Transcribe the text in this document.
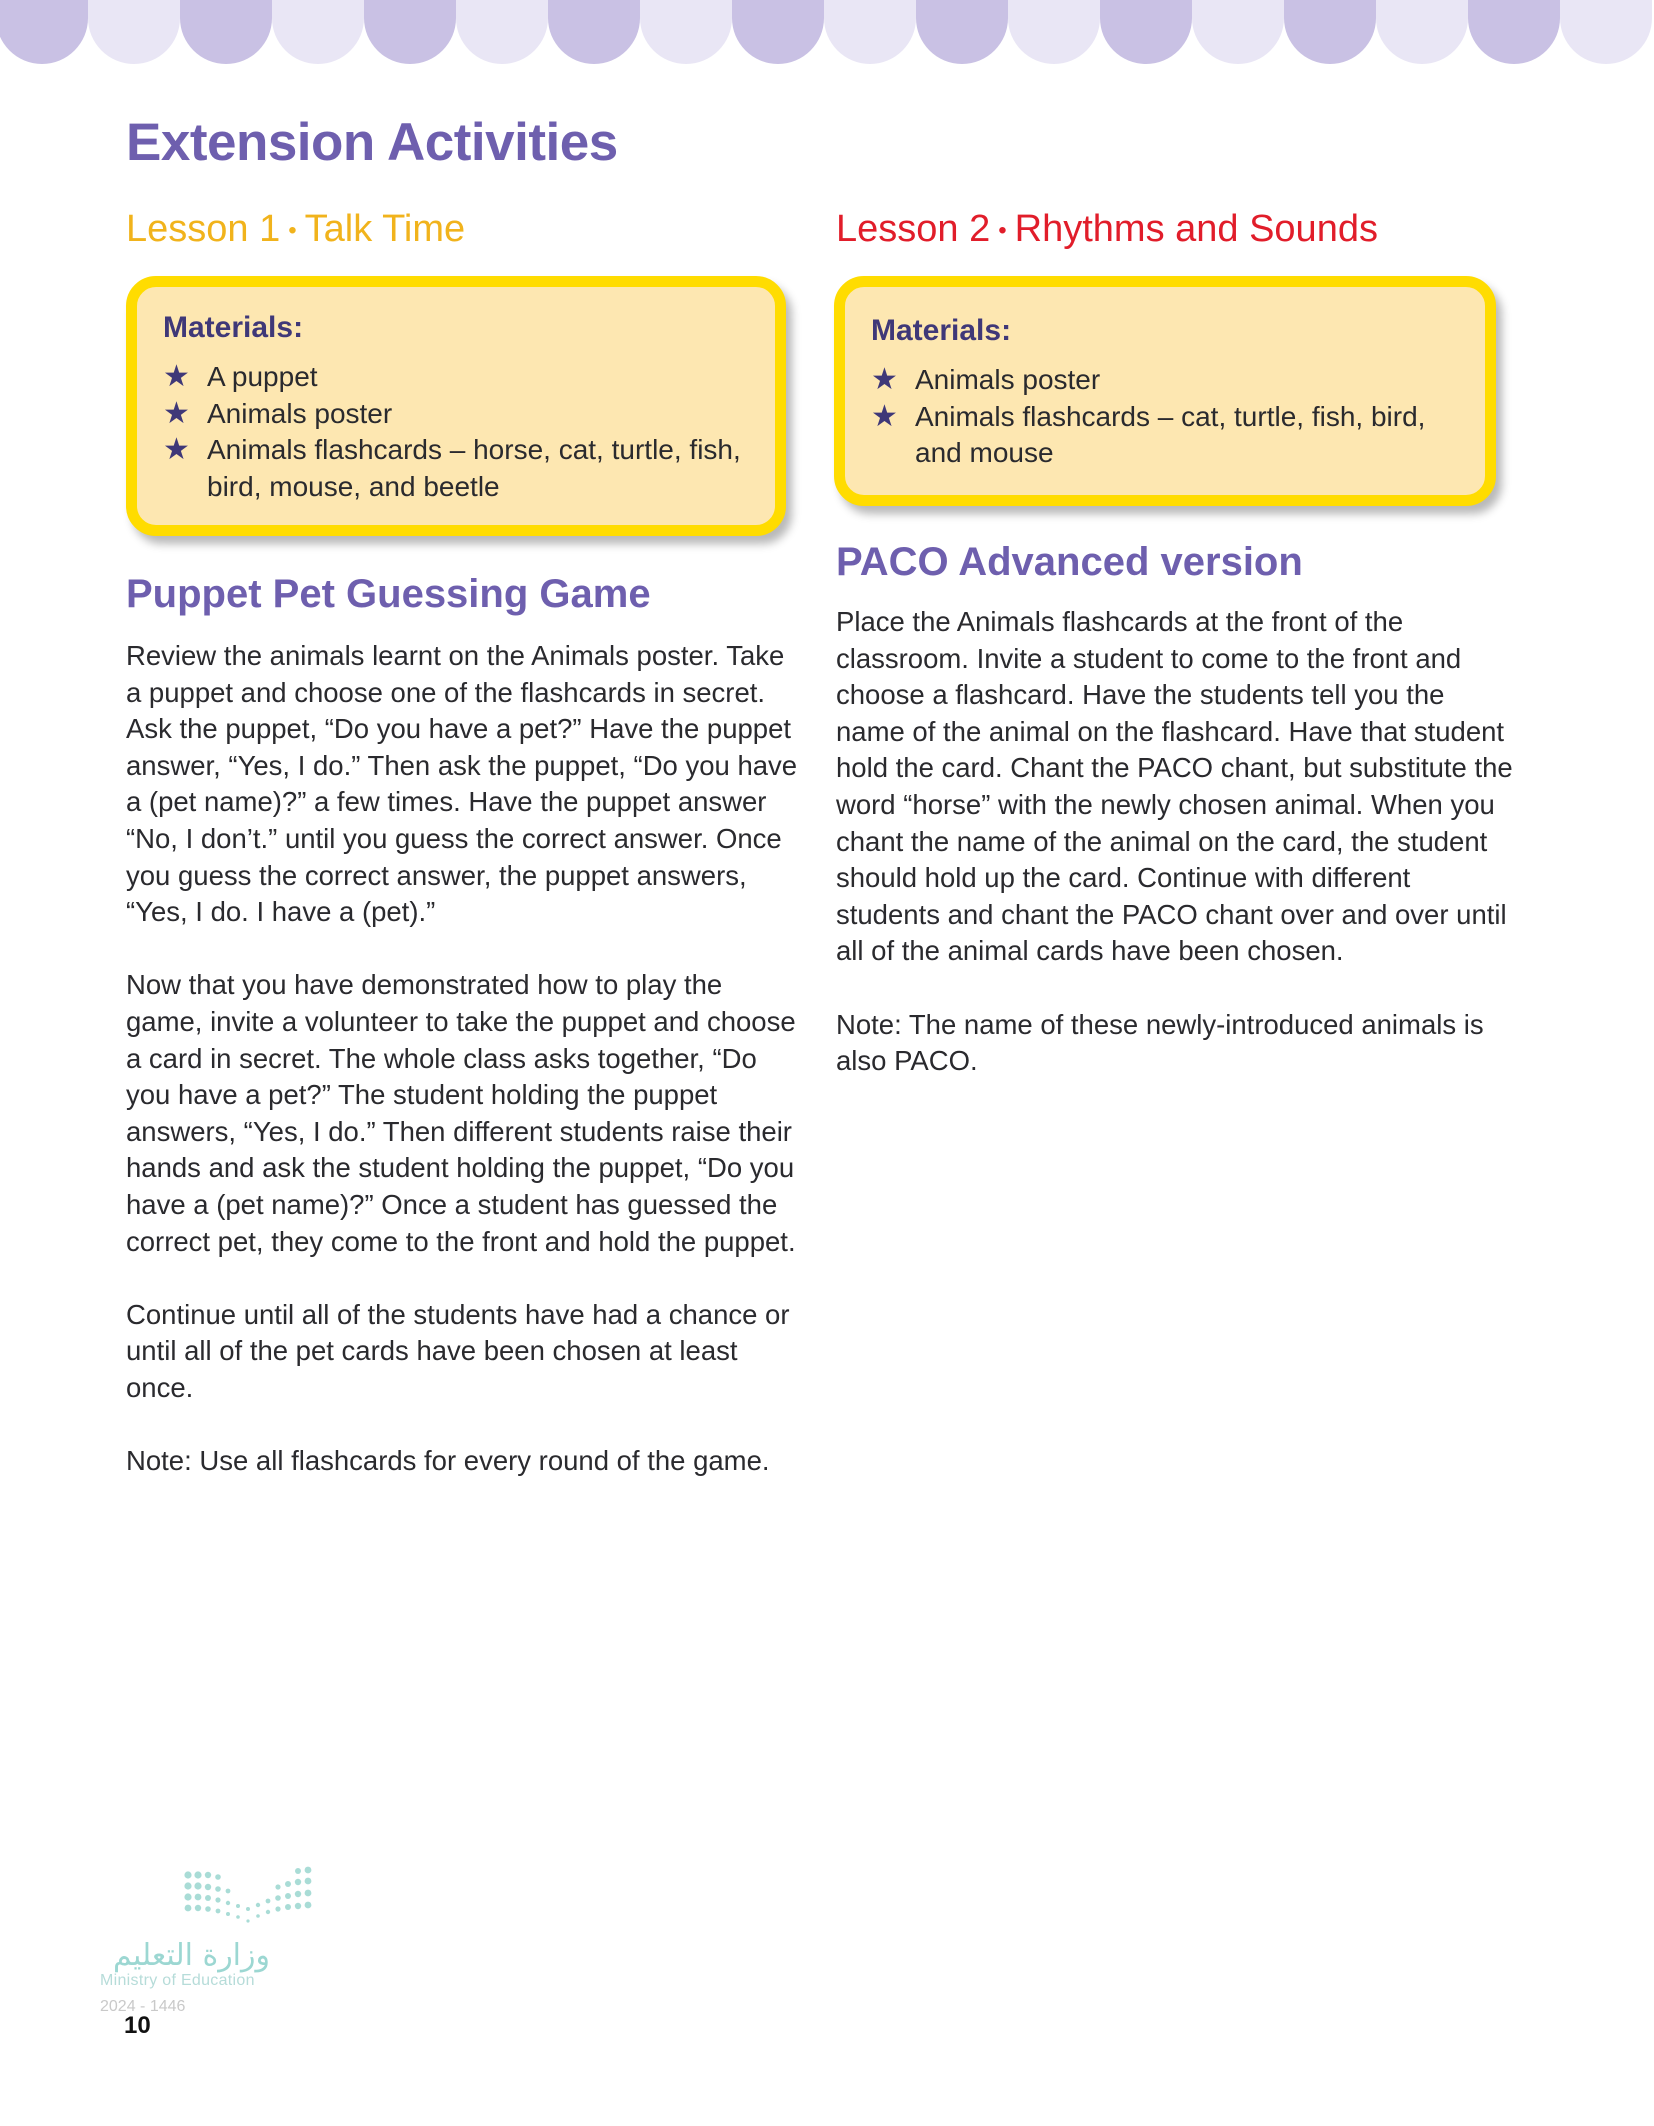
Extension Activities
Lesson 1 • Talk Time
Materials:
★ A puppet
★ Animals poster
★ Animals flashcards – horse, cat, turtle, fish, bird, mouse, and beetle
Puppet Pet Guessing Game

Review the animals learnt on the Animals poster. Take a puppet and choose one of the flashcards in secret. Ask the puppet, “Do you have a pet?” Have the puppet answer, “Yes, I do.” Then ask the puppet, “Do you have a (pet name)?” a few times. Have the puppet answer “No, I don’t.” until you guess the correct answer. Once you guess the correct answer, the puppet answers, “Yes, I do. I have a (pet).”

Now that you have demonstrated how to play the game, invite a volunteer to take the puppet and choose a card in secret. The whole class asks together, “Do you have a pet?” The student holding the puppet answers, “Yes, I do.” Then different students raise their hands and ask the student holding the puppet, “Do you have a (pet name)?” Once a student has guessed the correct pet, they come to the front and hold the puppet.

Continue until all of the students have had a chance or until all of the pet cards have been chosen at least once.

Note: Use all flashcards for every round of the game.

Lesson 2 • Rhythms and Sounds
Materials:
★ Animals poster
★ Animals flashcards – cat, turtle, fish, bird, and mouse
PACO Advanced version

Place the Animals flashcards at the front of the classroom. Invite a student to come to the front and choose a flashcard. Have the students tell you the name of the animal on the flashcard. Have that student hold the card. Chant the PACO chant, but substitute the word “horse” with the newly chosen animal. When you chant the name of the animal on the card, the student should hold up the card. Continue with different students and chant the PACO chant over and over until all of the animal cards have been chosen.

Note: The name of these newly-introduced animals is also PACO.

وزارة التعليم
Ministry of Education
2024 - 1446
10
